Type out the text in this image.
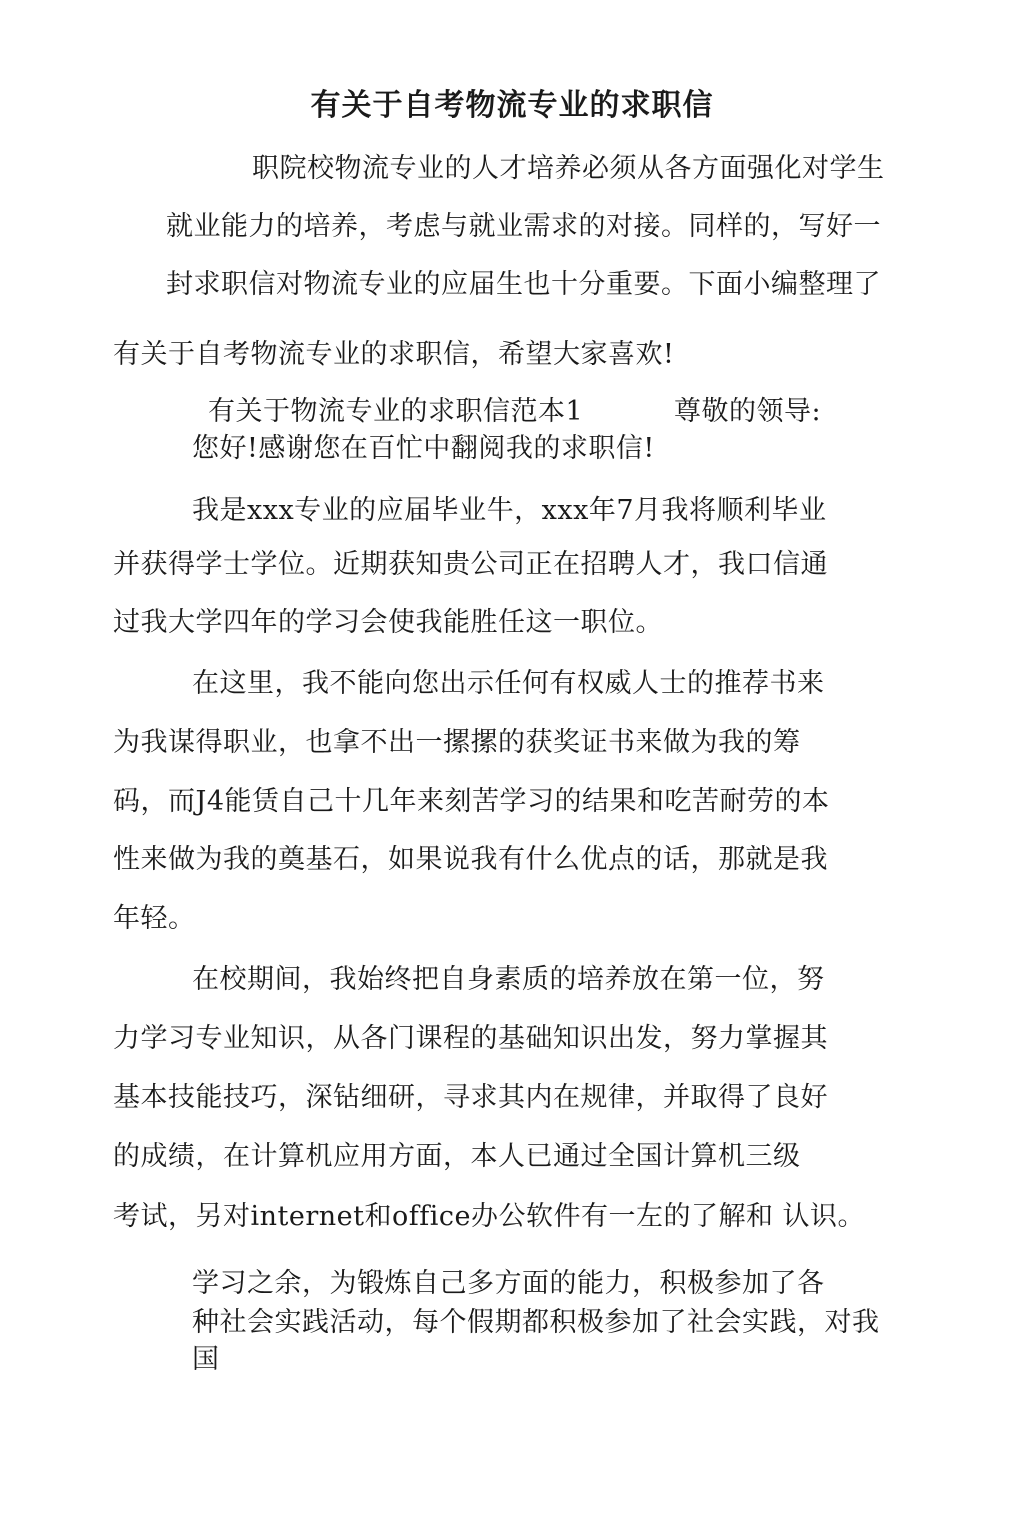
有关于自考物流专业的求职信
职院校物流专业的人才培养必须从各方面强化对学生
就业能力的培养，考虑与就业需求的对接。同样的，写好一
封求职信对物流专业的应届生也十分重要。下面小编整理了
有关于自考物流专业的求职信，希望大家喜欢!
有关于物流专业的求职信范本1	尊敬的领导:
您好!感谢您在百忙中翻阅我的求职信!
我是xxx专业的应届毕业牛，xxx年7月我将顺利毕业
并获得学士学位。近期获知贵公司正在招聘人才，我口信通
过我大学四年的学习会使我能胜任这一职位。
在这里，我不能向您出示任何有权威人士的推荐书来
为我谋得职业，也拿不出一摞摞的获奖证书来做为我的筹
码，而J4能赁自己十几年来刻苦学习的结果和吃苦耐劳的本
性来做为我的奠基石，如果说我有什么优点的话，那就是我
年轻。
在校期间，我始终把自身素质的培养放在第一位，努
力学习专业知识，从各门课程的基础知识出发，努力掌握其
基本技能技巧，深钻细研，寻求其内在规律，并取得了良好
的成绩，在计算机应用方面，本人已通过全国计算机三级
考试，另对internet和office办公软件有一左的了解和 认识。
学习之余，为锻炼自己多方面的能力，积极参加了各
种社会实践活动，每个假期都积极参加了社会实践，对我
国
